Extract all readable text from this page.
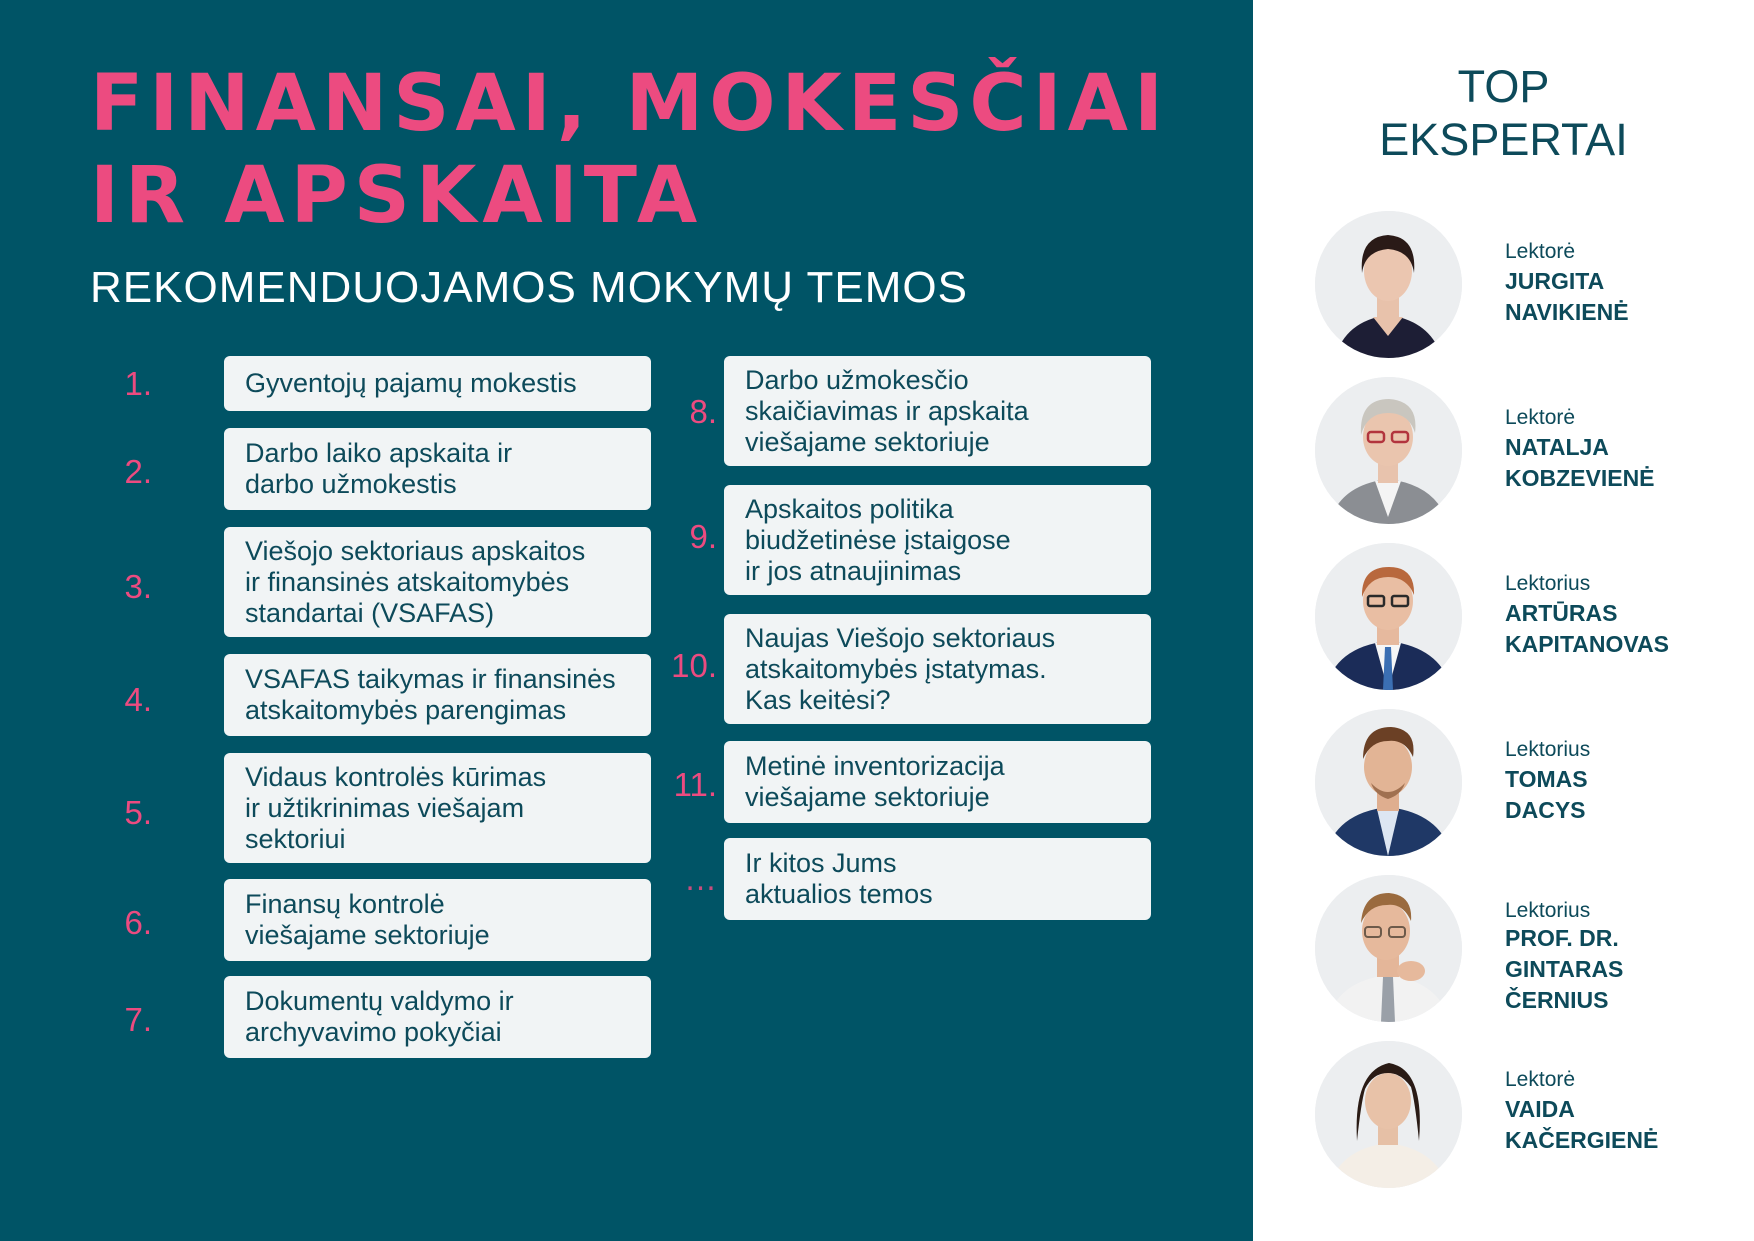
FINANSAI, MOKESČIAI
IR APSKAITA
REKOMENDUOJAMOS MOKYMŲ TEMOS
1.	Gyventojų pajamų mokestis
2.	Darbo laiko apskaita ir
darbo užmokestis
3.
Viešojo sektoriaus apskaitos
ir finansinės atskaitomybės
standartai (VSAFAS)
4.
VSAFAS taikymas ir finansinės
atskaitomybės parengimas
5.
Vidaus kontrolės kūrimas
ir užtikrinimas viešajam
sektoriui
6.	Finansų kontrolė
viešajame sektoriuje
7.	Dokumentų valdymo ir
archyvavimo pokyčiai
8.
Darbo užmokesčio
skaičiavimas ir apskaita
viešajame sektoriuje
9.
Apskaitos politika
biudžetinėse įstaigose
ir jos atnaujinimas
10.
Naujas Viešojo sektoriaus
atskaitomybės įstatymas.
Kas keitėsi?
11.	Metinė inventorizacija
viešajame sektoriuje
…	Ir kitos Jums
aktualios temos
TOP
EKSPERTAI
Lektorė
JURGITA
NAVIKIENĖ
Lektorė
NATALJA
KOBZEVIENĖ
Lektorius
ARTŪRAS
KAPITANOVAS
Lektorius
TOMAS
DACYS
Lektorius
PROF. DR.
GINTARAS
ČERNIUS
Lektorė
VAIDA
KAČERGIENĖ
